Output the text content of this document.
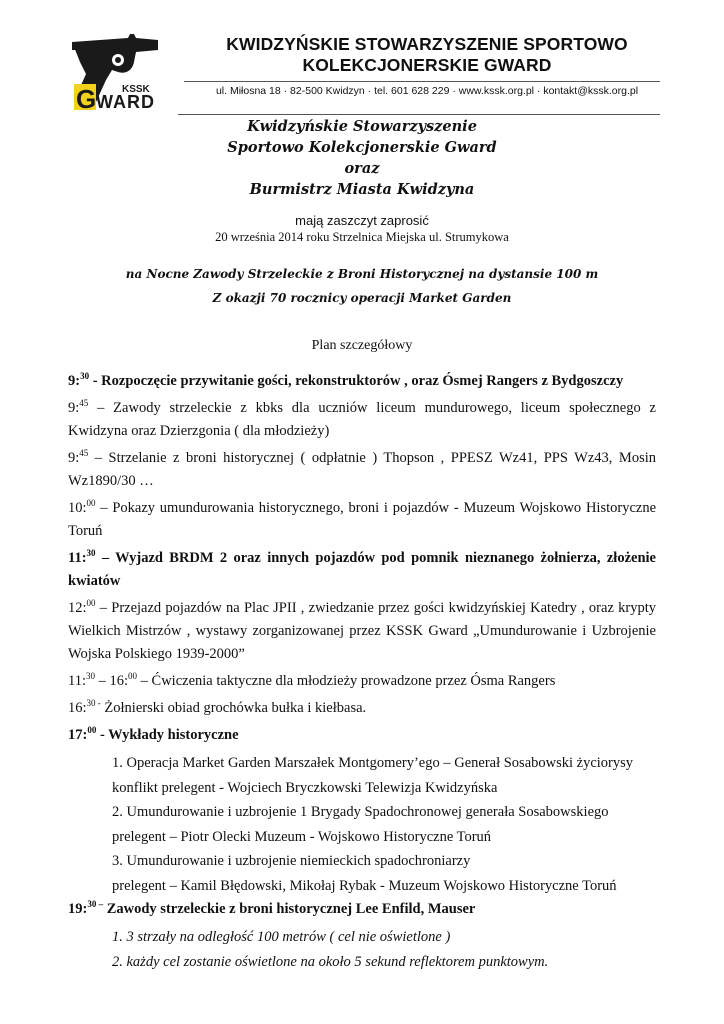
G	KSSK
WARD
KWIDZYŃSKIE STOWARZYSZENIE SPORTOWO
KOLEKCJONERSKIE GWARD
ul. Miłosna 18 · 82-500 Kwidzyn · tel. 601 628 229 · www.kssk.org.pl · kontakt@kssk.org.pl
Kwidzyńskie Stowarzyszenie
Sportowo Kolekcjonerskie Gward
oraz
Burmistrz Miasta Kwidzyna
mają zaszczyt zaprosić
20 września 2014 roku Strzelnica Miejska ul. Strumykowa
na Nocne Zawody Strzeleckie z Broni Historycznej na dystansie 100 m
Z okazji 70 rocznicy operacji Market Garden
Plan szczegółowy

9:$^{30}$ - Rozpoczęcie przywitanie gości, rekonstruktorów , oraz Ósmej Rangers z Bydgoszczy

9:$^{45}$ – Zawody strzeleckie z kbks dla uczniów liceum mundurowego, liceum społecznego z Kwidzyna oraz Dzierzgonia ( dla młodzieży)

9:$^{45}$ – Strzelanie z broni historycznej ( odpłatnie ) Thopson , PPESZ Wz41, PPS Wz43, Mosin Wz1890/30 …

10:$^{00}$ – Pokazy umundurowania historycznego, broni i pojazdów - Muzeum Wojskowo Historyczne Toruń

11:$^{30}$ – Wyjazd BRDM 2 oraz innych pojazdów pod pomnik nieznanego żołnierza, złożenie kwiatów

12:$^{00}$ – Przejazd pojazdów na Plac JPII , zwiedzanie przez gości kwidzyńskiej Katedry , oraz krypty Wielkich Mistrzów , wystawy zorganizowanej przez KSSK Gward „Umundurowanie i Uzbrojenie Wojska Polskiego 1939-2000”

11:$^{30}$ – 16:$^{00}$ – Ćwiczenia taktyczne dla młodzieży prowadzone przez Ósma Rangers

16:$^{30 -}$ Żołnierski obiad grochówka bułka i kiełbasa.

17:$^{00}$ - Wykłady historyczne

1. Operacja Market Garden Marszałek Montgomery’ego – Generał Sosabowski życiorysy

konflikt prelegent - Wojciech Bryczkowski Telewizja Kwidzyńska

2. Umundurowanie i uzbrojenie 1 Brygady Spadochronowej generała Sosabowskiego

prelegent – Piotr Olecki Muzeum - Wojskowo Historyczne Toruń

3. Umundurowanie i uzbrojenie niemieckich spadochroniarzy

prelegent – Kamil Błędowski, Mikołaj Rybak - Muzeum Wojskowo Historyczne Toruń

19:$^{30 -}$ Zawody strzeleckie z broni historycznej Lee Enfild, Mauser

1. 3 strzały na odległość 100 metrów ( cel nie oświetlone )

2. każdy cel zostanie oświetlone na około 5 sekund reflektorem punktowym.
